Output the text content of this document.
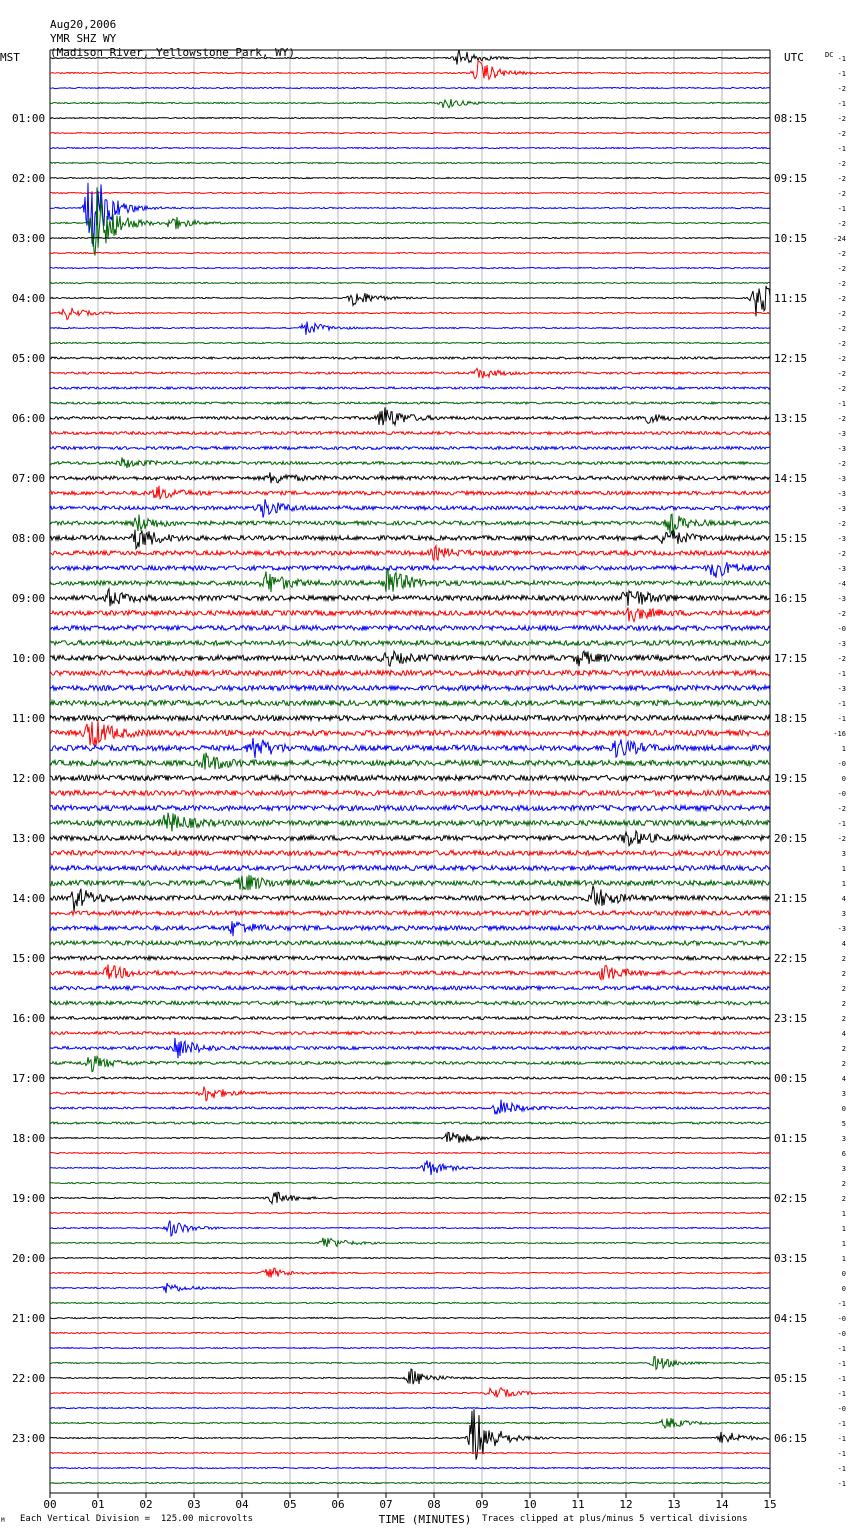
Aug20,2006
YMR SHZ WY
(Madison River, Yellowstone Park, WY)
00	01	02	03	04	05	06	07	08	09	10	11	12	13	14	15
-1
-1
-2
-1
-2
-2
-1
-2
-2
-2
-1
-2
-24
-2
-2
-2
-2
-2
-2
-2
-2
-2
-2
-1
-2
-3
-3
-2
-3
-3
-3
-2
-3
-2
-3
-4
-3
-2
-0
-3
-2
-1
-3
-1
-1
-16
1
-0
0
-0
-2
-1
-2
3
1
1
4
3
-3
4
2
2
2
2
2
4
2
2
4
3
0
5
3
6
3
2
2
1
1
1
1
0
0
-1
-0
-0
-1
-1
-1
-1
-0
-1
-1
-1
-1
-1
01:00
02:00
03:00
04:00
05:00
06:00
07:00
08:00
09:00
10:00
11:00
12:00
13:00
14:00
15:00
16:00
17:00
18:00
19:00
20:00
21:00
22:00
23:00
08:15
09:15
10:15
11:15
12:15
13:15
14:15
15:15
16:15
17:15
18:15
19:15
20:15
21:15
22:15
23:15
00:15
01:15
02:15
03:15
04:15
05:15
06:15
MST	UTC	DC
TIME (MINUTES)
M Each Vertical Division =  125.00 microvolts	Traces clipped at plus/minus 5 vertical divisions
